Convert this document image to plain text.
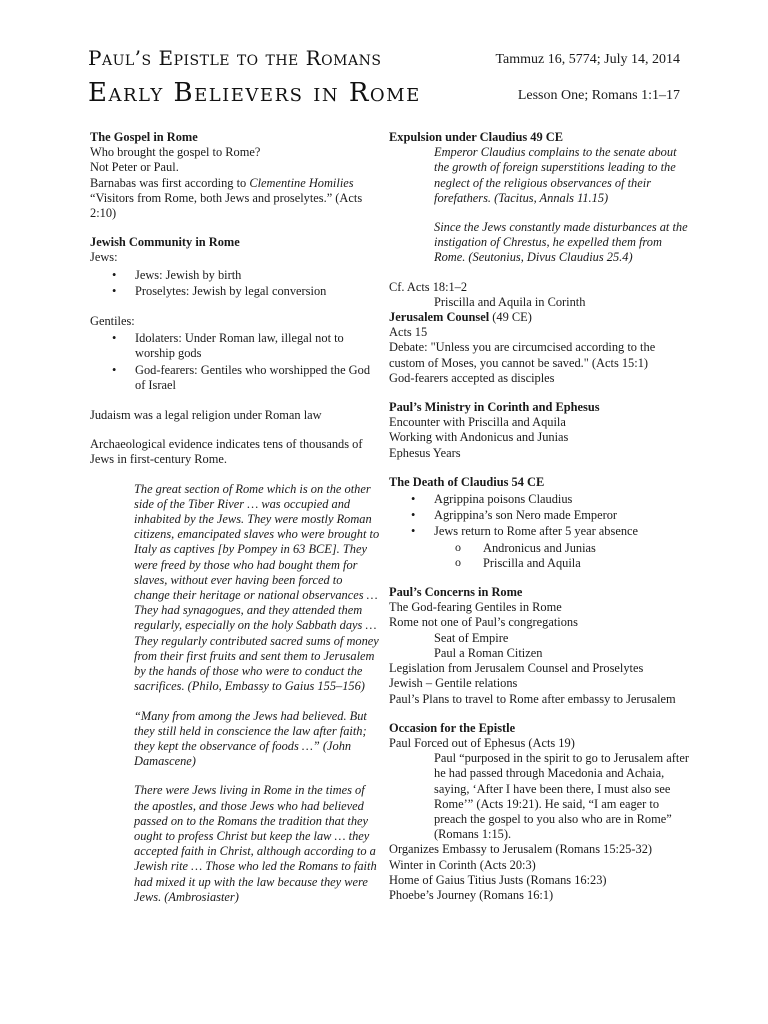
Paul’s Epistle to the Romans
Early Believers in Rome
Tammuz 16, 5774; July 14, 2014
Lesson One; Romans 1:1–17
The Gospel in Rome
Who brought the gospel to Rome?
Not Peter or Paul.
Barnabas was first according to Clementine Homilies
“Visitors from Rome, both Jews and proselytes.” (Acts 2:10)
Jewish Community in Rome
Jews:
• Jews: Jewish by birth
• Proselytes: Jewish by legal conversion
Gentiles:
• Idolaters: Under Roman law, illegal not to worship gods
• God-fearers: Gentiles who worshipped the God of Israel
Judaism was a legal religion under Roman law
Archaeological evidence indicates tens of thousands of Jews in first-century Rome.
The great section of Rome which is on the other side of the Tiber River … was occupied and inhabited by the Jews. They were mostly Roman citizens, emancipated slaves who were brought to Italy as captives [by Pompey in 63 BCE]. They were freed by those who had bought them for slaves, without ever having been forced to change their heritage or national observances … They had synagogues, and they attended them regularly, especially on the holy Sabbath days … They regularly contributed sacred sums of money from their first fruits and sent them to Jerusalem by the hands of those who were to conduct the sacrifices. (Philo, Embassy to Gaius 155–156)
“Many from among the Jews had believed. But they still held in conscience the law after faith; they kept the observance of foods …” (John Damascene)
There were Jews living in Rome in the times of the apostles, and those Jews who had believed passed on to the Romans the tradition that they ought to profess Christ but keep the law … they accepted faith in Christ, although according to a Jewish rite … Those who led the Romans to faith had mixed it up with the law because they were Jews. (Ambrosiaster)
Expulsion under Claudius 49 CE
Emperor Claudius complains to the senate about the growth of foreign superstitions leading to the neglect of the religious observances of their forefathers. (Tacitus, Annals 11.15)
Since the Jews constantly made disturbances at the instigation of Chrestus, he expelled them from Rome. (Seutonius, Divus Claudius 25.4)
Cf. Acts 18:1–2
Priscilla and Aquila in Corinth
Jerusalem Counsel (49 CE)
Acts 15
Debate: "Unless you are circumcised according to the custom of Moses, you cannot be saved." (Acts 15:1)
God-fearers accepted as disciples
Paul’s Ministry in Corinth and Ephesus
Encounter with Priscilla and Aquila
Working with Andonicus and Junias
Ephesus Years
The Death of Claudius 54 CE
• Agrippina poisons Claudius
• Agrippina’s son Nero made Emperor
• Jews return to Rome after 5 year absence
o Andronicus and Junias
o Priscilla and Aquila
Paul’s Concerns in Rome
The God-fearing Gentiles in Rome
Rome not one of Paul’s congregations
Seat of Empire
Paul a Roman Citizen
Legislation from Jerusalem Counsel and Proselytes
Jewish – Gentile relations
Paul’s Plans to travel to Rome after embassy to Jerusalem
Occasion for the Epistle
Paul Forced out of Ephesus (Acts 19)
Paul “purposed in the spirit to go to Jerusalem after he had passed through Macedonia and Achaia, saying, ‘After I have been there, I must also see Rome’” (Acts 19:21). He said, “I am eager to preach the gospel to you also who are in Rome” (Romans 1:15).
Organizes Embassy to Jerusalem (Romans 15:25-32)
Winter in Corinth (Acts 20:3)
Home of Gaius Titius Justs (Romans 16:23)
Phoebe’s Journey (Romans 16:1)
